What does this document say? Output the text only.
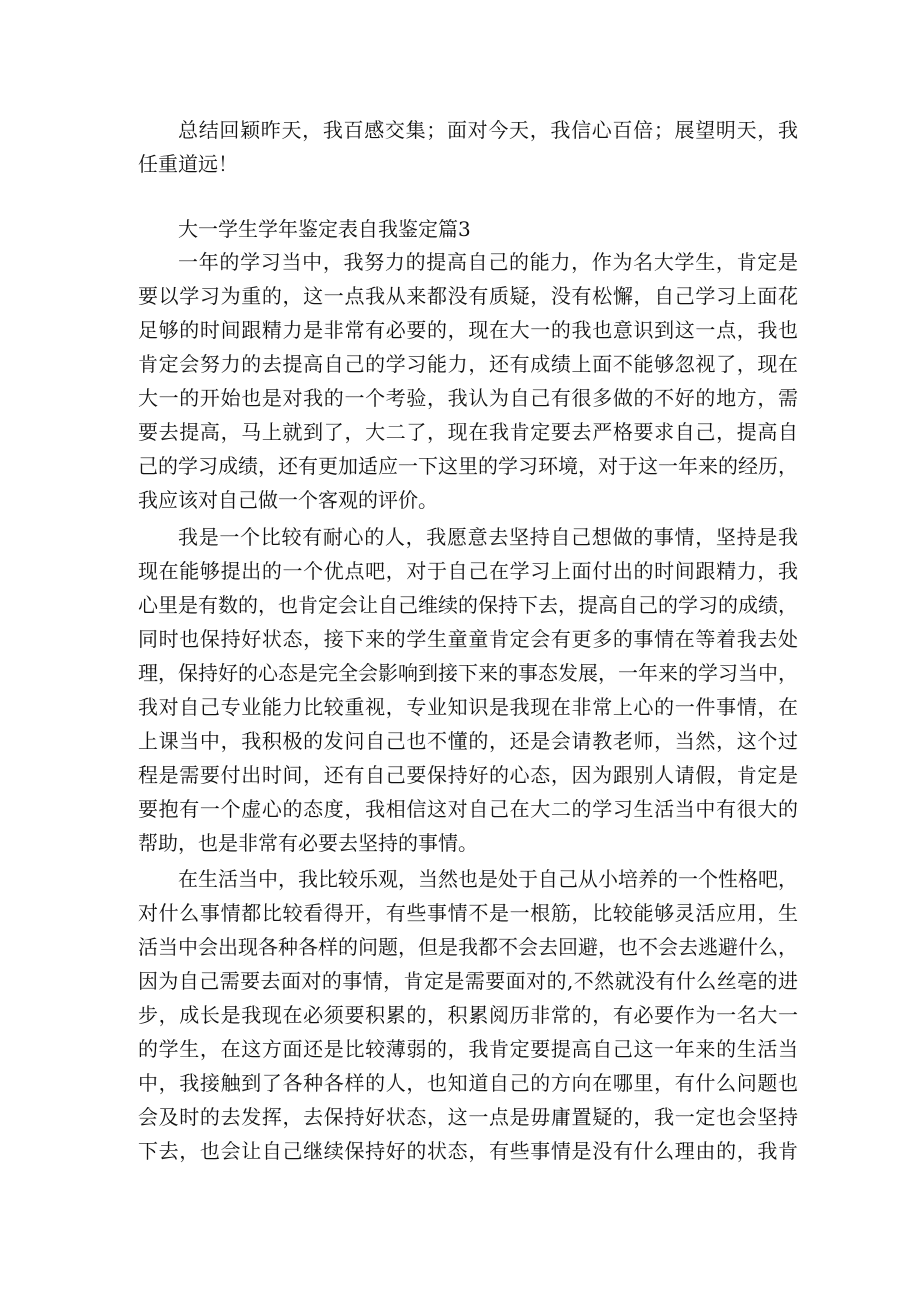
总结回颖昨天，我百感交集；面对今天，我信心百倍；展望明天，我
任重道远！
大一学生学年鉴定表自我鉴定篇3
一年的学习当中，我努力的提高自己的能力，作为名大学生，肯定是
要以学习为重的，这一点我从来都没有质疑，没有松懈，自己学习上面花
足够的时间跟精力是非常有必要的，现在大一的我也意识到这一点，我也
肯定会努力的去提高自己的学习能力，还有成绩上面不能够忽视了，现在
大一的开始也是对我的一个考验，我认为自己有很多做的不好的地方，需
要去提高，马上就到了，大二了，现在我肯定要去严格要求自己，提高自
己的学习成绩，还有更加适应一下这里的学习环境，对于这一年来的经历，
我应该对自己做一个客观的评价。
我是一个比较有耐心的人，我愿意去坚持自己想做的事情，坚持是我
现在能够提出的一个优点吧，对于自己在学习上面付出的时间跟精力，我
心里是有数的，也肯定会让自己维续的保持下去，提高自己的学习的成绩，
同时也保持好状态，接下来的学生童童肯定会有更多的事情在等着我去处
理，保持好的心态是完全会影响到接下来的事态发展，一年来的学习当中，
我对自己专业能力比较重视，专业知识是我现在非常上心的一件事情，在
上课当中，我积极的发问自己也不懂的，还是会请教老师，当然，这个过
程是需要付出时间，还有自己要保持好的心态，因为跟别人请假，肯定是
要抱有一个虚心的态度，我相信这对自己在大二的学习生活当中有很大的
帮助，也是非常有必要去坚持的事情。
在生活当中，我比较乐观，当然也是处于自己从小培养的一个性格吧，
对什么事情都比较看得开，有些事情不是一根筋，比较能够灵活应用，生
活当中会出现各种各样的问题，但是我都不会去回避，也不会去逃避什么，
因为自己需要去面对的事情，肯定是需要面对的,不然就没有什么丝亳的进
步，成长是我现在必须要积累的，积累阅历非常的，有必要作为一名大一
的学生，在这方面还是比较薄弱的，我肯定要提高自己这一年来的生活当
中，我接触到了各种各样的人，也知道自己的方向在哪里，有什么问题也
会及时的去发挥，去保持好状态，这一点是毋庸置疑的，我一定也会坚持
下去，也会让自己继续保持好的状态，有些事情是没有什么理由的，我肯
